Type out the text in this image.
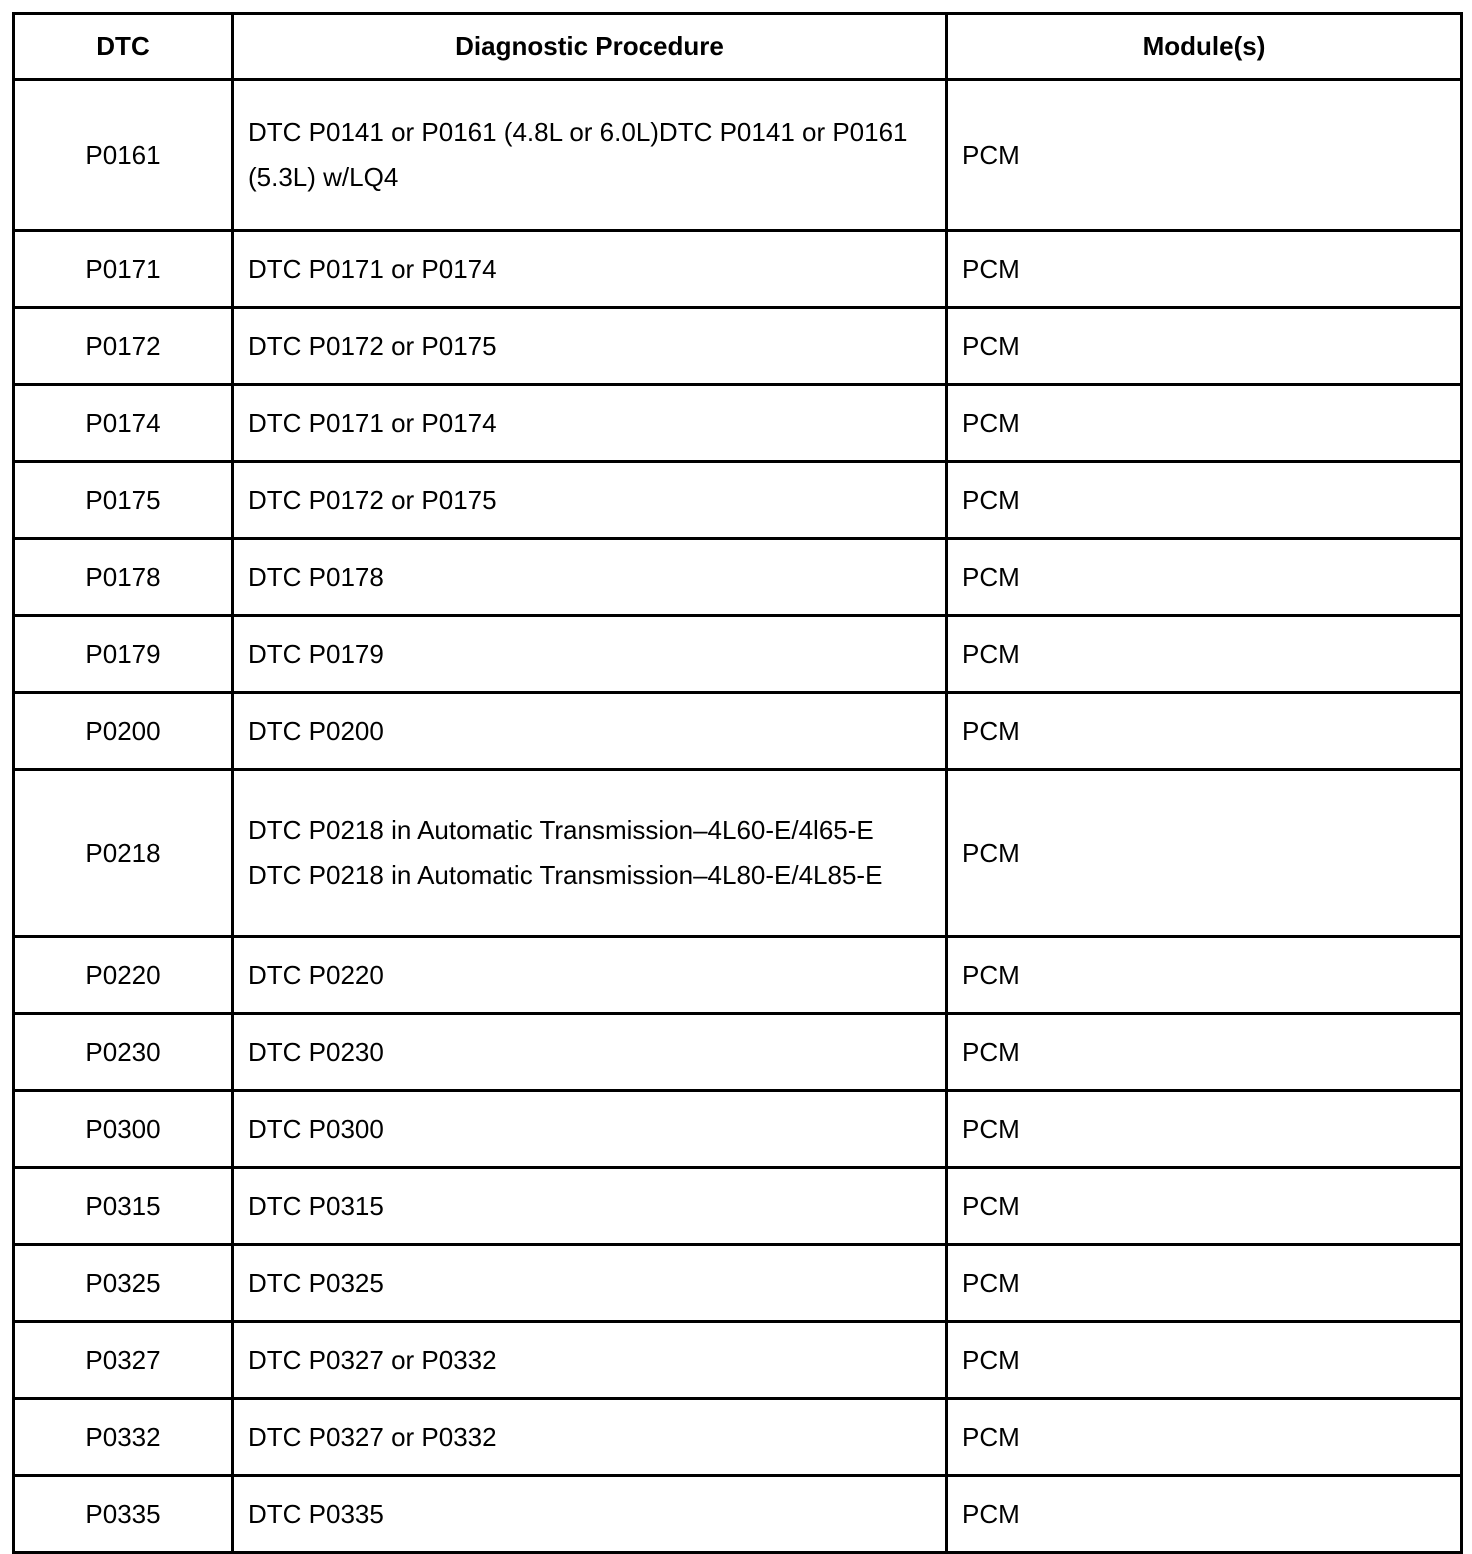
DTC	Diagnostic Procedure	Module(s)
P0161	DTC P0141 or P0161 (4.8L or 6.0L)DTC P0141 or P0161 (5.3L) w/LQ4	PCM
P0171	DTC P0171 or P0174	PCM
P0172	DTC P0172 or P0175	PCM
P0174	DTC P0171 or P0174	PCM
P0175	DTC P0172 or P0175	PCM
P0178	DTC P0178	PCM
P0179	DTC P0179	PCM
P0200	DTC P0200	PCM
P0218	DTC P0218 in Automatic Transmission–4L60-E/4l65-E DTC P0218 in Automatic Transmission–4L80-E/4L85-E	PCM
P0220	DTC P0220	PCM
P0230	DTC P0230	PCM
P0300	DTC P0300	PCM
P0315	DTC P0315	PCM
P0325	DTC P0325	PCM
P0327	DTC P0327 or P0332	PCM
P0332	DTC P0327 or P0332	PCM
P0335	DTC P0335	PCM
